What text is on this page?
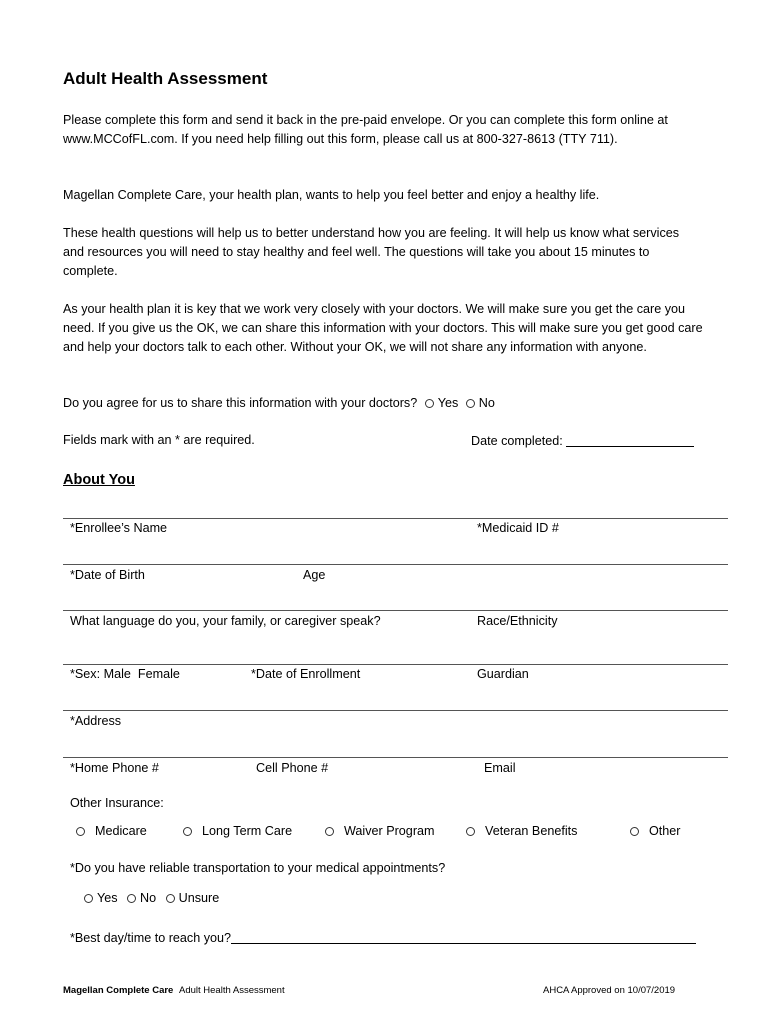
Adult Health Assessment
Please complete this form and send it back in the pre-paid envelope. Or you can complete this form online at www.MCCofFL.com. If you need help filling out this form, please call us at 800-327-8613 (TTY 711).
Magellan Complete Care, your health plan, wants to help you feel better and enjoy a healthy life.
These health questions will help us to better understand how you are feeling. It will help us know what services and resources you will need to stay healthy and feel well. The questions will take you about 15 minutes to complete.
As your health plan it is key that we work very closely with your doctors. We will make sure you get the care you need. If you give us the OK, we can share this information with your doctors. This will make sure you get good care and help your doctors talk to each other. Without your OK, we will not share any information with anyone.
Do you agree for us to share this information with your doctors? Yes No
Fields mark with an * are required.	Date completed:
About You
*Enrollee’s Name	*Medicaid ID #
*Date of Birth	Age
What language do you, your family, or caregiver speak?	Race/Ethnicity
*Sex: Male  Female	*Date of Enrollment	Guardian
*Address
*Home Phone #	Cell Phone #	Email
Other Insurance:
Medicare	Long Term Care	Waiver Program	Veteran Benefits	Other
*Do you have reliable transportation to your medical appointments?
Yes No Unsure
*Best day/time to reach you?
Magellan Complete Care Adult Health Assessment	AHCA Approved on 10/07/2019
